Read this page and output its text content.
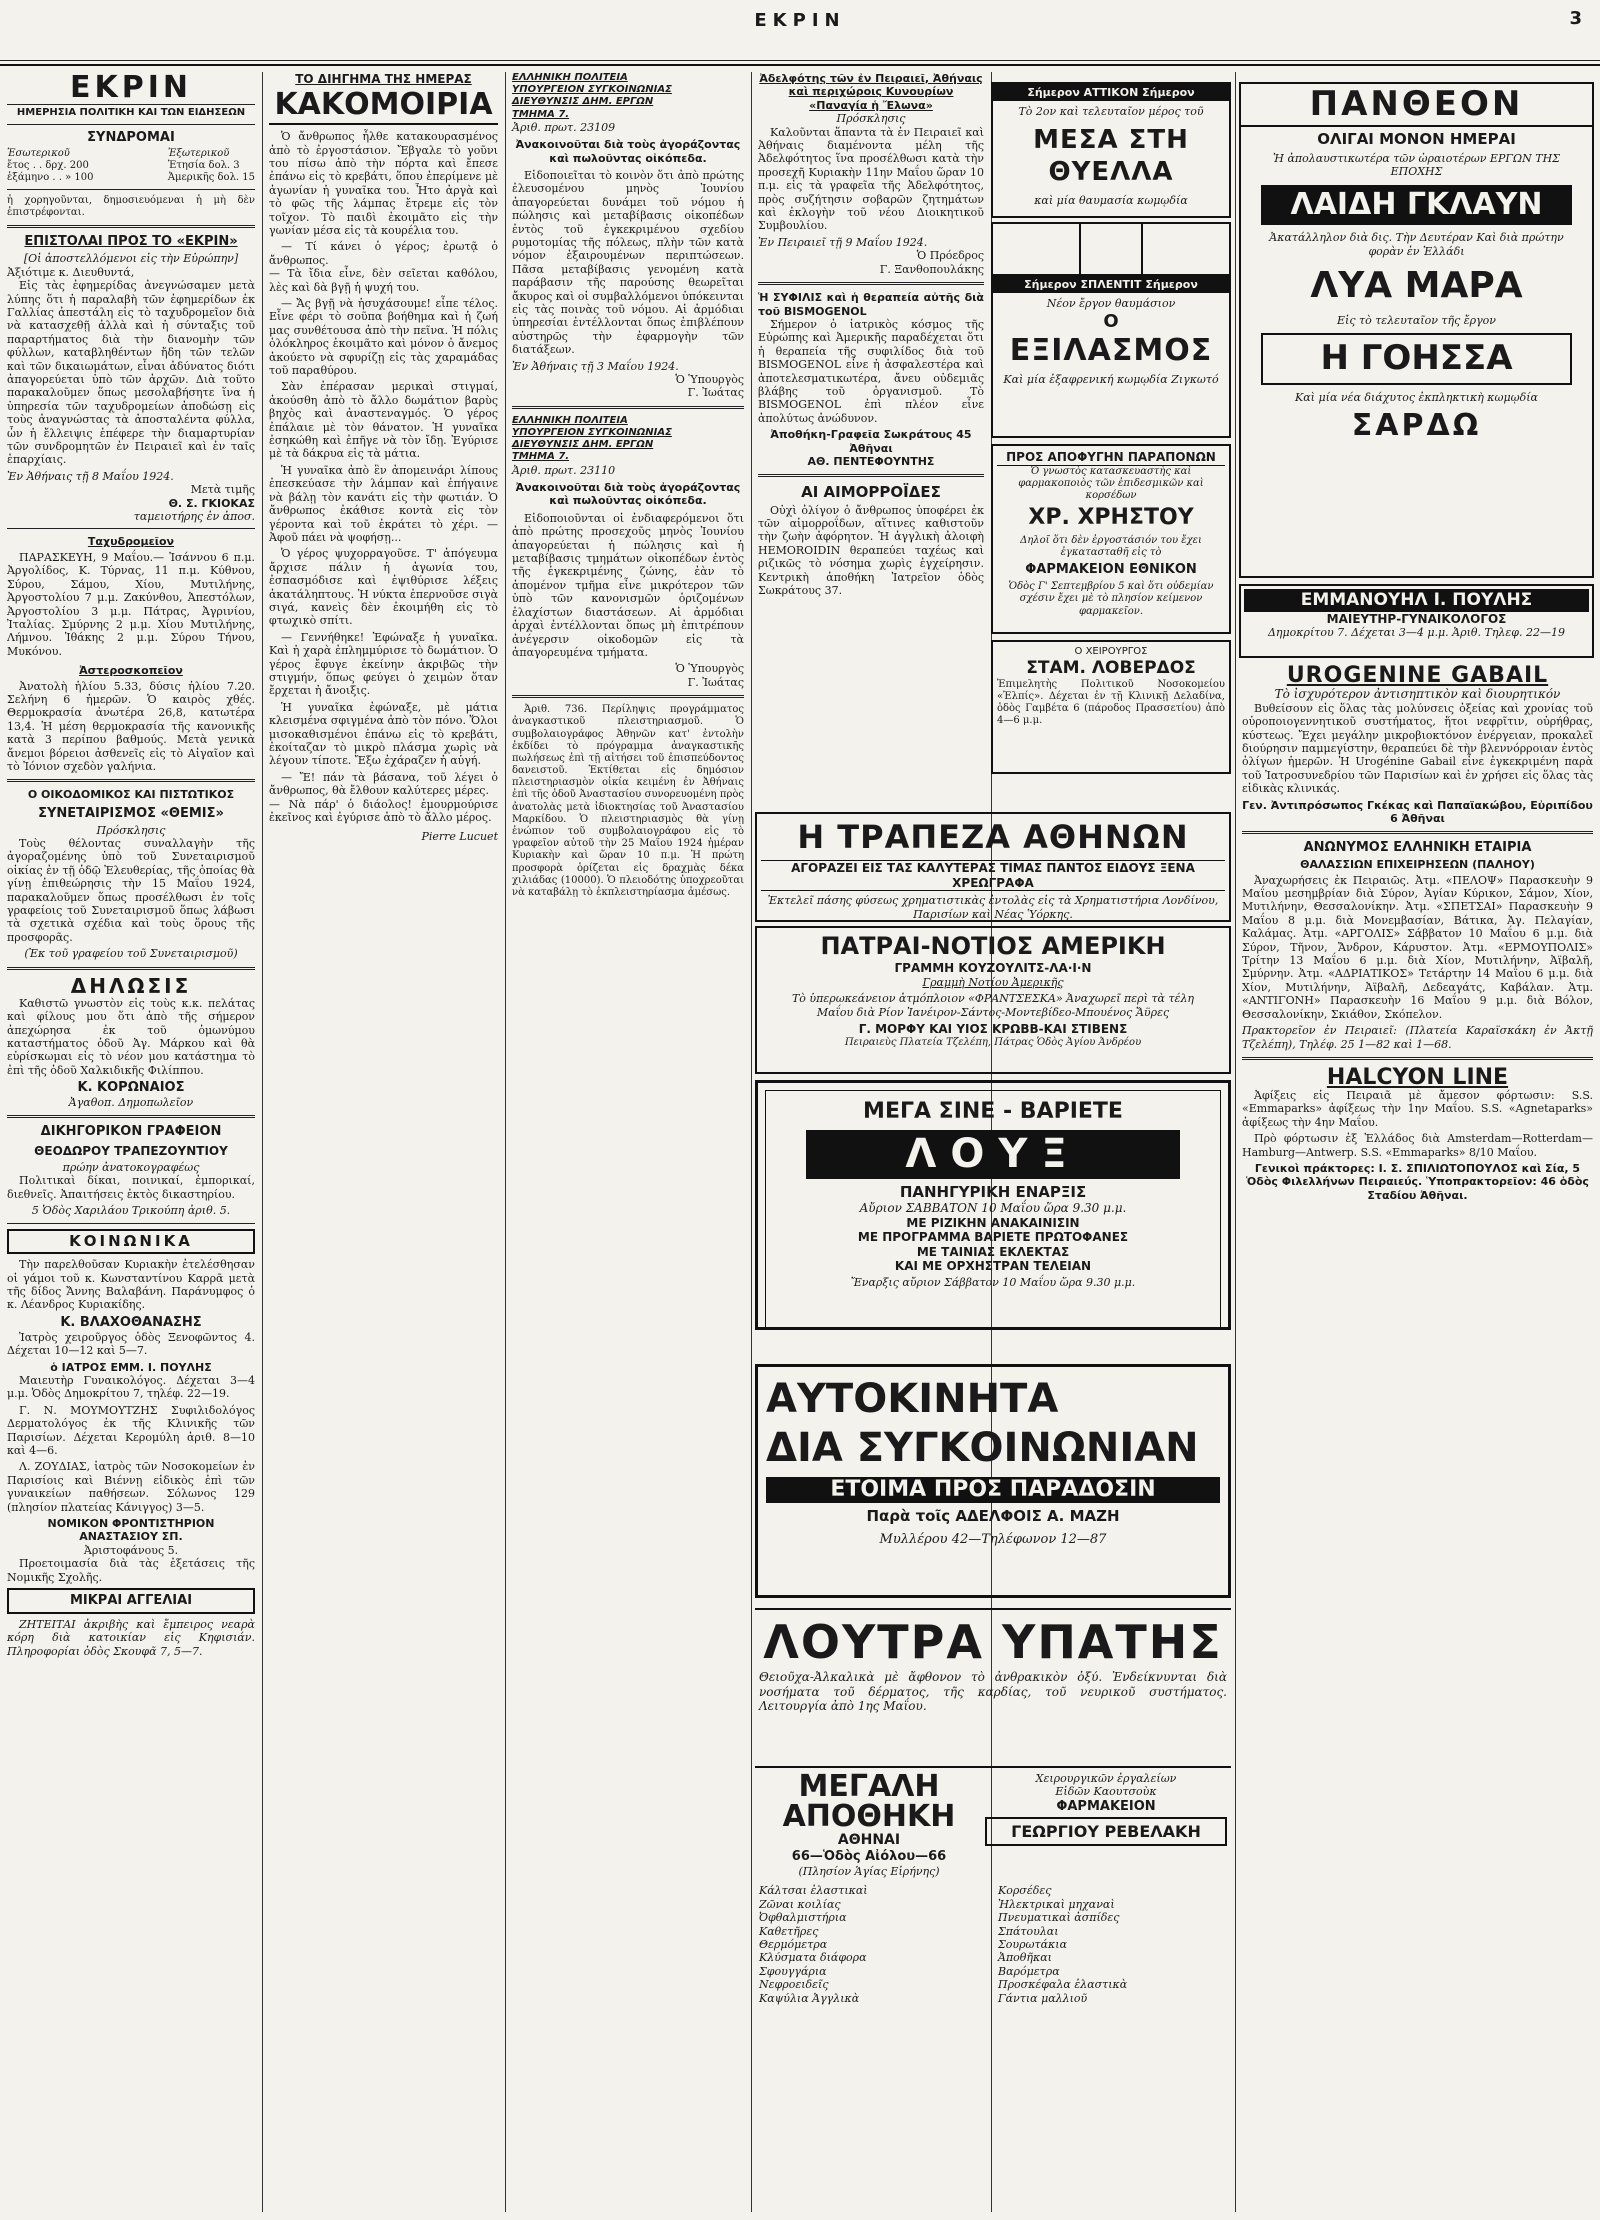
ΕΚΡΙΝ	3
ΕΚΡΙΝ
ΗΜΕΡΗΣΙΑ ΠΟΛΙΤΙΚΗ ΚΑΙ ΤΩΝ ΕΙΔΗΣΕΩΝ
ΣΥΝΔΡΟΜΑΙ
Ἐσωτερικοῦ
ἔτος . . δρχ. 200
ἑξάμηνο . . » 100
Ἐξωτερικοῦ
Ἐτησία δολ. 3
Ἀμερικῆς δολ. 15
ἡ χορηγοῦνται, δημοσιευόμεναι ἡ μὴ δὲν ἐπιστρέφονται.
ΕΠΙΣΤΟΛΑΙ ΠΡΟΣ ΤΟ «ΕΚΡΙΝ»
[Οἱ ἀποστελλόμενοι εἰς τὴν Εὐρώπην]
Ἀξιότιμε κ. Διευθυντά,

Εἰς τὰς ἐφημερίδας ἀνεγνώσαμεν μετὰ λύπης ὅτι ἡ παραλαβὴ τῶν ἐφημερίδων ἐκ Γαλλίας ἀπεστάλη εἰς τὸ ταχυδρομεῖον διὰ νὰ κατασχεθῇ ἀλλὰ καὶ ἡ σύνταξις τοῦ παραρτήματος διὰ τὴν διανομὴν τῶν φύλλων, καταβληθέντων ἤδη τῶν τελῶν καὶ τῶν δικαιωμάτων, εἶναι ἀδύνατος διότι ἀπαγορεύεται ὑπὸ τῶν ἀρχῶν. Διὰ τοῦτο παρακαλοῦμεν ὅπως μεσολαβήσητε ἵνα ἡ ὑπηρεσία τῶν ταχυδρομείων ἀποδώσῃ εἰς τοὺς ἀναγνώστας τὰ ἀποσταλέντα φύλλα, ὧν ἡ ἔλλειψις ἐπέφερε τὴν διαμαρτυρίαν τῶν συνδρομητῶν ἐν Πειραιεῖ καὶ ἐν ταῖς ἐπαρχίαις.

Ἐν Ἀθήναις τῇ 8 Μαΐου 1924.
Μετὰ τιμῆς
Θ. Σ. ΓΚΙΟΚΑΣ
ταμειοτήρης ἐν ἀποσ.
Ταχυδρομεῖον

ΠΑΡΑΣΚΕΥΗ, 9 Μαΐου.— Ἰσάννου 6 π.μ. Ἀργολίδος, Κ. Τύρνας, 11 π.μ. Κύθνου, Σύρου, Σάμου, Χίου, Μυτιλήνης, Ἀργοστολίου 7 μ.μ. Ζακύνθου, Ἀπεστόλων, Ἀργοστολίου 3 μ.μ. Πάτρας, Ἀγρινίου, Ἰταλίας. Σμύρνης 2 μ.μ. Χίου Μυτιλήνης, Λήμνου. Ἰθάκης 2 μ.μ. Σύρου Τήνου, Μυκόνου.

Ἀστεροσκοπεῖον

Ἀνατολὴ ἡλίου 5.33, δύσις ἡλίου 7.20. Σελήνη 6 ἡμερῶν. Ὁ καιρὸς χθές. Θερμοκρασία ἀνωτέρα 26,8, κατωτέρα 13,4. Ἡ μέση θερμοκρασία τῆς κανονικῆς κατὰ 3 περίπου βαθμούς. Μετὰ γενικὰ ἄνεμοι βόρειοι ἀσθενεῖς εἰς τὸ Αἰγαῖον καὶ τὸ Ἰόνιον σχεδὸν γαλήνια.

Ο ΟΙΚΟΔΟΜΙΚΟΣ ΚΑΙ ΠΙΣΤΩΤΙΚΟΣ
ΣΥΝΕΤΑΙΡΙΣΜΟΣ «ΘΕΜΙΣ»
Πρόσκλησις

Τοὺς θέλοντας συναλλαγὴν τῆς ἀγοραζομένης ὑπὸ τοῦ Συνεταιρισμοῦ οἰκίας ἐν τῇ ὁδῷ Ἐλευθερίας, τῆς ὁποίας θὰ γίνῃ ἐπιθεώρησις τὴν 15 Μαΐου 1924, παρακαλοῦμεν ὅπως προσέλθωσι ἐν τοῖς γραφείοις τοῦ Συνεταιρισμοῦ ὅπως λάβωσι τὰ σχετικὰ σχέδια καὶ τοὺς ὅρους τῆς προσφορᾶς.

(Ἐκ τοῦ γραφείου τοῦ Συνεταιρισμοῦ)
ΔΗΛΩΣΙΣ

Καθιστῶ γνωστὸν εἰς τοὺς κ.κ. πελάτας καὶ φίλους μου ὅτι ἀπὸ τῆς σήμερον ἀπεχώρησα ἐκ τοῦ ὁμωνύμου καταστήματος ὁδοῦ Ἀγ. Μάρκου καὶ θὰ εὑρίσκωμαι εἰς τὸ νέον μου κατάστημα τὸ ἐπὶ τῆς ὁδοῦ Χαλκιδικῆς Φιλίππου.

Κ. ΚΟΡΩΝΑΙΟΣ
Ἀγαθοπ. Δημοπωλεῖον
ΔΙΚΗΓΟΡΙΚΟΝ ΓΡΑΦΕΙΟΝ
ΘΕΟΔΩΡΟΥ ΤΡΑΠΕΖΟΥΝΤΙΟΥ
πρώην ἀνατοκογραφέως

Πολιτικαὶ δίκαι, ποινικαί, ἐμπορικαί, διεθνεῖς. Ἀπαιτήσεις ἐκτὸς δικαστηρίου.

5 Ὁδὸς Χαριλάου Τρικούπη ἀριθ. 5.
ΚΟΙΝΩΝΙΚΑ

Τὴν παρελθοῦσαν Κυριακὴν ἐτελέσθησαν οἱ γάμοι τοῦ κ. Κωνσταντίνου Καρρᾶ μετὰ τῆς δίδος Ἄννης Βαλαβάνη. Παράνυμφος ὁ κ. Λέανδρος Κυριακίδης.

Κ. ΒΛΑΧΟΘΑΝΑΣΗΣ

Ἰατρὸς χειροῦργος ὁδὸς Ξενοφῶντος 4. Δέχεται 10—12 καὶ 5—7.

ὁ ΙΑΤΡΟΣ ΕΜΜ. Ι. ΠΟΥΛΗΣ

Μαιευτὴρ Γυναικολόγος. Δέχεται 3—4 μ.μ. Ὁδὸς Δημοκρίτου 7, τηλέφ. 22—19.

Γ. Ν. ΜΟΥΜΟΥΤΖΗΣ Συφιλιδολόγος Δερματολόγος ἐκ τῆς Κλινικῆς τῶν Παρισίων. Δέχεται Κερομύλη ἀριθ. 8—10 καὶ 4—6.

Λ. ΖΟΥΔΙΑΣ, ἰατρὸς τῶν Νοσοκομείων ἐν Παρισίοις καὶ Βιέννῃ εἰδικὸς ἐπὶ τῶν γυναικείων παθήσεων. Σόλωνος 129 (πλησίον πλατείας Κάνιγγος) 3—5.

ΝΟΜΙΚΟΝ ΦΡΟΝΤΙΣΤΗΡΙΟΝ ΑΝΑΣΤΑΣΙΟΥ ΣΠ.
Ἀριστοφάνους 5.

Προετοιμασία διὰ τὰς ἐξετάσεις τῆς Νομικῆς Σχολῆς.

ΜΙΚΡΑΙ ΑΓΓΕΛΙΑΙ

ΖΗΤΕΙΤΑΙ ἀκριβὴς καὶ ἔμπειρος νεαρὰ κόρη διὰ κατοικίαν εἰς Κηφισιάν. Πληροφορίαι ὁδὸς Σκουφᾶ 7, 5—7.

ΤΟ ΔΙΗΓΗΜΑ ΤΗΣ ΗΜΕΡΑΣ
ΚΑΚΟΜΟΙΡΙΑ

Ὁ ἄνθρωπος ἦλθε κατακουρασμένος ἀπὸ τὸ ἐργοστάσιον. Ἔβγαλε τὸ γοῦνι του πίσω ἀπὸ τὴν πόρτα καὶ ἔπεσε ἐπάνω εἰς τὸ κρεβάτι, ὅπου ἐπερίμενε μὲ ἀγωνίαν ἡ γυναῖκα του. Ἦτο ἀργὰ καὶ τὸ φῶς τῆς λάμπας ἔτρεμε εἰς τὸν τοῖχον. Τὸ παιδὶ ἐκοιμᾶτο εἰς τὴν γωνίαν μέσα εἰς τὰ κουρέλια του.

— Τί κάνει ὁ γέρος; ἐρωτᾷ ὁ ἄνθρωπος.
— Τὰ ἴδια εἶνε, δὲν σεῖεται καθόλου, λὲς καὶ δὰ βγῇ ἡ ψυχή του.

— Ἄς βγῇ νὰ ἡσυχάσουμε! εἶπε τέλος. Εἶνε φέρι τὸ σοῦπα βοήθημα καὶ ἡ ζωή μας συνθέτουσα ἀπὸ τὴν πεῖνα. Ἡ πόλις ὀλόκληρος ἐκοιμᾶτο καὶ μόνον ὁ ἄνεμος ἀκούετο νὰ σφυρίζῃ εἰς τὰς χαραμάδας τοῦ παραθύρου.

Σὰν ἐπέρασαν μερικαὶ στιγμαί, ἀκούσθη ἀπὸ τὸ ἄλλο δωμάτιον βαρὺς βηχὸς καὶ ἀναστεναγμός. Ὁ γέρος ἐπάλαιε μὲ τὸν θάνατον. Ἡ γυναῖκα ἐσηκώθη καὶ ἐπῆγε νὰ τὸν ἴδῃ. Ἐγύρισε μὲ τὰ δάκρυα εἰς τὰ μάτια.

Ἡ γυναῖκα ἀπὸ ἓν ἀπομεινάρι λίπους ἐπεσκεύασε τὴν λάμπαν καὶ ἐπήγαινε νὰ βάλῃ τὸν κανάτι εἰς τὴν φωτιάν. Ὁ ἄνθρωπος ἐκάθισε κοντὰ εἰς τὸν γέροντα καὶ τοῦ ἐκράτει τὸ χέρι. — Ἀφοῦ πάει νὰ ψοφήσῃ...

Ὁ γέρος ψυχορραγοῦσε. Τ' ἀπόγευμα ἄρχισε πάλιν ἡ ἀγωνία του, ἐσπασμόδισε καὶ ἐψιθύρισε λέξεις ἀκατάληπτους. Ἡ νύκτα ἐπερνοῦσε σιγὰ σιγά, κανεὶς δὲν ἐκοιμήθη εἰς τὸ φτωχικὸ σπίτι.

— Γεννήθηκε! Ἐφώναξε ἡ γυναῖκα. Καὶ ἡ χαρὰ ἐπλημμύρισε τὸ δωμάτιον. Ὁ γέρος ἔφυγε ἐκείνην ἀκριβῶς τὴν στιγμήν, ὅπως φεύγει ὁ χειμὼν ὅταν ἔρχεται ἡ ἄνοιξις.

Ἡ γυναῖκα ἐφώναξε, μὲ μάτια κλεισμένα σφιγμένα ἀπὸ τὸν πόνο. Ὅλοι μισοκαθισμένοι ἐπάνω εἰς τὸ κρεβάτι, ἐκοίταζαν τὸ μικρὸ πλάσμα χωρὶς νὰ λέγουν τίποτε. Ἔξω ἐχάραζεν ἡ αὐγή.

— Ἔ! πάν τὰ βάσανα, τοῦ λέγει ὁ ἄνθρωπος, θὰ ἔλθουν καλύτερες μέρες.
— Νὰ πάρ' ὁ διάολος! ἐμουρμούρισε ἐκεῖνος καὶ ἐγύρισε ἀπὸ τὸ ἄλλο μέρος.

Pierre Lucuet
ΕΛΛΗΝΙΚΗ ΠΟΛΙΤΕΙΑ
ΥΠΟΥΡΓΕΙΟΝ ΣΥΓΚΟΙΝΩΝΙΑΣ
ΔΙΕΥΘΥΝΣΙΣ ΔΗΜ. ΕΡΓΩΝ
ΤΜΗΜΑ 7.
Ἀριθ. πρωτ. 23109
Ἀνακοινοῦται διὰ τοὺς ἀγοράζοντας καὶ πωλοῦντας οἰκόπεδα.

Εἰδοποιεῖται τὸ κοινὸν ὅτι ἀπὸ πρώτης ἐλευσομένου μηνὸς Ἰουνίου ἀπαγορεύεται δυνάμει τοῦ νόμου ἡ πώλησις καὶ μεταβίβασις οἰκοπέδων ἐντὸς τοῦ ἐγκεκριμένου σχεδίου ρυμοτομίας τῆς πόλεως, πλὴν τῶν κατὰ νόμον ἐξαιρουμένων περιπτώσεων. Πᾶσα μεταβίβασις γενομένη κατὰ παράβασιν τῆς παρούσης θεωρεῖται ἄκυρος καὶ οἱ συμβαλλόμενοι ὑπόκεινται εἰς τὰς ποινὰς τοῦ νόμου. Αἱ ἀρμόδιαι ὑπηρεσίαι ἐντέλλονται ὅπως ἐπιβλέπουν αὐστηρῶς τὴν ἐφαρμογὴν τῶν διατάξεων.

Ἐν Ἀθήναις τῇ 3 Μαΐου 1924.
Ὁ Ὑπουργὸς
Γ. Ἰωάτας
ΕΛΛΗΝΙΚΗ ΠΟΛΙΤΕΙΑ
ΥΠΟΥΡΓΕΙΟΝ ΣΥΓΚΟΙΝΩΝΙΑΣ
ΔΙΕΥΘΥΝΣΙΣ ΔΗΜ. ΕΡΓΩΝ
ΤΜΗΜΑ 7.
Ἀριθ. πρωτ. 23110
Ἀνακοινοῦται διὰ τοὺς ἀγοράζοντας καὶ πωλοῦντας οἰκόπεδα.

Εἰδοποιοῦνται οἱ ἐνδιαφερόμενοι ὅτι ἀπὸ πρώτης προσεχοῦς μηνὸς Ἰουνίου ἀπαγορεύεται ἡ πώλησις καὶ ἡ μεταβίβασις τμημάτων οἰκοπέδων ἐντὸς τῆς ἐγκεκριμένης ζώνης, ἐὰν τὸ ἀπομένον τμῆμα εἶνε μικρότερον τῶν ὑπὸ τῶν κανονισμῶν ὁριζομένων ἐλαχίστων διαστάσεων. Αἱ ἀρμόδιαι ἀρχαὶ ἐντέλλονται ὅπως μὴ ἐπιτρέπουν ἀνέγερσιν οἰκοδομῶν εἰς τὰ ἀπαγορευμένα τμήματα.

Ὁ Ὑπουργὸς
Γ. Ἰωάτας

Ἀριθ. 736. Περίληψις προγράμματος ἀναγκαστικοῦ πλειστηριασμοῦ. Ὁ συμβολαιογράφος Ἀθηνῶν κατ' ἐντολὴν ἐκδίδει τὸ πρόγραμμα ἀναγκαστικῆς πωλήσεως ἐπὶ τῇ αἰτήσει τοῦ ἐπισπεύδοντος δανειστοῦ. Ἐκτίθεται εἰς δημόσιον πλειστηριασμὸν οἰκία κειμένη ἐν Ἀθήναις ἐπὶ τῆς ὁδοῦ Ἀναστασίου συνορευομένη πρὸς ἀνατολὰς μετὰ ἰδιοκτησίας τοῦ Ἀναστασίου Μαρκίδου. Ὁ πλειστηριασμὸς θὰ γίνῃ ἐνώπιον τοῦ συμβολαιογράφου εἰς τὸ γραφεῖον αὐτοῦ τὴν 25 Μαΐου 1924 ἡμέραν Κυριακὴν καὶ ὥραν 10 π.μ. Ἡ πρώτη προσφορὰ ὁρίζεται εἰς δραχμὰς δέκα χιλιάδας (10000). Ὁ πλειοδότης ὑποχρεοῦται νὰ καταβάλῃ τὸ ἐκπλειστηρίασμα ἀμέσως.

Ἀδελφότης τῶν ἐν Πειραιεῖ, Ἀθήναις καὶ περιχώροις Κυνουρίων «Παναγία ἡ Ἔλωνα»
Πρόσκλησις

Καλοῦνται ἅπαντα τὰ ἐν Πειραιεῖ καὶ Ἀθήναις διαμένοντα μέλη τῆς Ἀδελφότητος ἵνα προσέλθωσι κατὰ τὴν προσεχῆ Κυριακὴν 11ην Μαΐου ὥραν 10 π.μ. εἰς τὰ γραφεῖα τῆς Ἀδελφότητος, πρὸς συζήτησιν σοβαρῶν ζητημάτων καὶ ἐκλογὴν τοῦ νέου Διοικητικοῦ Συμβουλίου.

Ἐν Πειραιεῖ τῇ 9 Μαΐου 1924.
Ὁ Πρόεδρος
Γ. Ξανθοπουλάκης
Ἡ ΣΥΦΙΛΙΣ καὶ ἡ θεραπεία αὐτῆς διὰ τοῦ BISMOGENOL

Σήμερον ὁ ἰατρικὸς κόσμος τῆς Εὐρώπης καὶ Ἀμερικῆς παραδέχεται ὅτι ἡ θεραπεία τῆς συφιλίδος διὰ τοῦ BISMOGENOL εἶνε ἡ ἀσφαλεστέρα καὶ ἀποτελεσματικωτέρα, ἄνευ οὐδεμιᾶς βλάβης τοῦ ὀργανισμοῦ. Τὸ BISMOGENOL ἐπὶ πλέον εἶνε ἀπολύτως ἀνώδυνον.

Ἀποθήκη-Γραφεῖα Σωκράτους 45 Ἀθῆναι
ΑΘ. ΠΕΝΤΕΦΟΥΝΤΗΣ
ΑΙ ΑΙΜΟΡΡΟΪΔΕΣ

Οὐχὶ ὀλίγον ὁ ἄνθρωπος ὑποφέρει ἐκ τῶν αἱμορροΐδων, αἵτινες καθιστοῦν τὴν ζωὴν ἀφόρητον. Ἡ ἀγγλικὴ ἀλοιφὴ HEMOROIDIN θεραπεύει ταχέως καὶ ριζικῶς τὸ νόσημα χωρὶς ἐγχείρησιν. Κεντρικὴ ἀποθήκη Ἰατρεῖον ὁδὸς Σωκράτους 37.

Σήμερον ΑΤΤΙΚΟΝ Σήμερον
Τὸ 2ον καὶ τελευταῖον μέρος τοῦ
ΜΕΣΑ ΣΤΗ ΘΥΕΛΛΑ
καὶ μία θαυμασία κωμῳδία
Σήμερον ΣΠΛΕΝΤΙΤ Σήμερον
Νέον ἔργον θαυμάσιον
Ο
ΕΞΙΛΑΣΜΟΣ
Καὶ μία ἐξαφρενική κωμῳδία Ζιγκωτό
ΠΑΝΘΕΟΝ
ΟΛΙΓΑΙ ΜΟΝΟΝ ΗΜΕΡΑΙ
Ἡ ἀπολαυστικωτέρα τῶν ὡραιοτέρων ΕΡΓΩΝ ΤΗΣ ΕΠΟΧΗΣ
ΛΑΙΔΗ ΓΚΛΑΥΝ
Ἀκατάλληλον διὰ δις. Τὴν Δευτέραν Καὶ διὰ πρώτην φορὰν ἐν Ἑλλάδι
ΛΥΑ ΜΑΡΑ
Εἰς τὸ τελευταῖον τῆς ἔργον
Η ΓΟΗΣΣΑ
Καὶ μία νέα διάχυτος ἐκπληκτικὴ κωμῳδία
ΣΑΡΔΩ
ΠΡΟΣ ΑΠΟΦΥΓΗΝ ΠΑΡΑΠΟΝΩΝ
Ὁ γνωστὸς κατασκευαστὴς καὶ φαρμακοποιὸς τῶν ἐπιδεσμικῶν καὶ κορσέδων
ΧΡ. ΧΡΗΣΤΟΥ
Δηλοῖ ὅτι δὲν ἐργοστάσιόν του ἔχει ἐγκατασταθῆ εἰς τὸ
ΦΑΡΜΑΚΕΙΟΝ ΕΘΝΙΚΟΝ
Ὁδὸς Γ' Σεπτεμβρίου 5 καὶ ὅτι οὐδεμίαν σχέσιν ἔχει μὲ τὸ πλησίον κείμενον φαρμακεῖον.
Ο ΧΕΙΡΟΥΡΓΟΣ
ΣΤΑΜ. ΛΟΒΕΡΔΟΣ
Ἐπιμελητὴς Πολιτικοῦ Νοσοκομείου «Ἐλπίς». Δέχεται ἐν τῇ Κλινικῇ Δελαδίνα, ὁδὸς Γαμβέτα 6 (πάροδος Πρασσετίου) ἀπὸ 4—6 μ.μ.
ΕΜΜΑΝΟΥΗΛ Ι. ΠΟΥΛΗΣ
ΜΑΙΕΥΤΗΡ-ΓΥΝΑΙΚΟΛΟΓΟΣ
Δημοκρίτου 7. Δέχεται 3—4 μ.μ. Ἀριθ. Τηλεφ. 22—19
UROGENINE GABAIL
Τὸ ἰσχυρότερον ἀντισηπτικὸν καὶ διουρητικόν

Βυθείσουν εἰς ὅλας τὰς μολύνσεις ὀξείας καὶ χρονίας τοῦ οὐροποιογεννητικοῦ συστήματος, ἥτοι νεφρῖτιν, οὐρήθρας, κύστεως. Ἔχει μεγάλην μικροβιοκτόνον ἐνέργειαν, προκαλεῖ διούρησιν παμμεγίστην, θεραπεύει δὲ τὴν βλεννόρροιαν ἐντὸς ὀλίγων ἡμερῶν. Ἡ Urogénine Gabail εἶνε ἐγκεκριμένη παρὰ τοῦ Ἰατροσυνεδρίου τῶν Παρισίων καὶ ἐν χρήσει εἰς ὅλας τὰς εἰδικὰς κλινικάς.

Γεν. Ἀντιπρόσωπος Γκέκας καὶ Παπαϊακώβου, Εὐριπίδου 6 Ἀθῆναι
ΑΝΩΝΥΜΟΣ ΕΛΛΗΝΙΚΗ ΕΤΑΙΡΙΑ
ΘΑΛΑΣΣΙΩΝ ΕΠΙΧΕΙΡΗΣΕΩΝ (ΠΑΛΗΟΥ)

Ἀναχωρήσεις ἐκ Πειραιῶς. Ἀτμ. «ΠΕΛΟΨ» Παρασκευὴν 9 Μαΐου μεσημβρίαν διὰ Σύρον, Ἀγίαν Κύρικον, Σάμον, Χίον, Μυτιλήνην, Θεσσαλονίκην. Ἀτμ. «ΣΠΕΤΣΑΙ» Παρασκευὴν 9 Μαΐου 8 μ.μ. διὰ Μονεμβασίαν, Βάτικα, Ἀγ. Πελαγίαν, Καλάμας. Ἀτμ. «ΑΡΓΟΛΙΣ» Σάββατον 10 Μαΐου 6 μ.μ. διὰ Σύρον, Τῆνον, Ἄνδρον, Κάρυστον. Ἀτμ. «ΕΡΜΟΥΠΟΛΙΣ» Τρίτην 13 Μαΐου 6 μ.μ. διὰ Χίον, Μυτιλήνην, Ἀϊβαλῆ, Σμύρνην. Ἀτμ. «ΑΔΡΙΑΤΙΚΟΣ» Τετάρτην 14 Μαΐου 6 μ.μ. διὰ Χίον, Μυτιλήνην, Ἀϊβαλῆ, Δεδεαγάτς, Καβάλαν. Ἀτμ. «ΑΝΤΙΓΟΝΗ» Παρασκευὴν 16 Μαΐου 9 μ.μ. διὰ Βόλον, Θεσσαλονίκην, Σκιάθον, Σκόπελον.

Πρακτορεῖον ἐν Πειραιεῖ: (Πλατεία Καραϊσκάκη ἐν Ἀκτῇ Τζελέπη), Τηλέφ. 25 1—82 καὶ 1—68.
HALCYON LINE

Ἀφίξεις εἰς Πειραιᾶ μὲ ἄμεσον φόρτωσιν: S.S. «Emmaparks» ἀφίξεως τὴν 1ην Μαΐου. S.S. «Agnetaparks» ἀφίξεως τὴν 4ην Μαΐου.

Πρὸ φόρτωσιν ἐξ Ἑλλάδος διὰ Amsterdam—Rotterdam—Hamburg—Antwerp. S.S. «Emmaparks» 8/10 Μαΐου.

Γενικοὶ πράκτορες: Ι. Σ. ΣΠΙΛΙΩΤΟΠΟΥΛΟΣ καὶ Σία, 5 Ὁδὸς Φιλελλήνων Πειραιεύς. Ὑποπρακτορεῖον: 46 ὁδὸς Σταδίου Ἀθῆναι.
Η ΤΡΑΠΕΖΑ ΑΘΗΝΩΝ
ΑΓΟΡΑΖΕΙ ΕΙΣ ΤΑΣ ΚΑΛΥΤΕΡΑΣ ΤΙΜΑΣ ΠΑΝΤΟΣ ΕΙΔΟΥΣ ΞΕΝΑ ΧΡΕΩΓΡΑΦΑ
Ἐκτελεῖ πάσης φύσεως χρηματιστικὰς ἐντολὰς εἰς τὰ Χρηματιστήρια Λονδίνου, Παρισίων καὶ Νέας Ὑόρκης.
ΠΑΤΡΑΙ-ΝΟΤΙΟΣ ΑΜΕΡΙΚΗ
ΓΡΑΜΜΗ ΚΟΥΖΟΥΛΙΤΣ-ΛΑ·Ι·Ν
Γραμμὴ Νοτίου Ἀμερικῆς
Τὸ ὑπερωκεάνειον ἀτμόπλοιον «ΦΡΑΝΤΣΕΣΚΑ» Ἀναχωρεῖ περὶ τὰ τέλη Μαΐου διὰ Ρίον Ἰανέιρον-Σάντος-Μοντεβίδεο-Μπουένος Ἄϋρες
Γ. ΜΟΡΦΥ ΚΑΙ ΥΙΟΣ ΚΡΩΒΒ-ΚΑΙ ΣΤΙΒΕΝΣ
Πειραιεὺς Πλατεία Τζελέπη, Πάτρας Ὁδὸς Ἀγίου Ἀνδρέου
ΜΕΓΑ ΣΙΝΕ - ΒΑΡΙΕΤΕ
ΛΟΥΞ
ΠΑΝΗΓΥΡΙΚΗ ΕΝΑΡΞΙΣ
Αὔριον ΣΑΒΒΑΤΟΝ 10 Μαΐου ὥρα 9.30 μ.μ.
ΜΕ ΡΙΖΙΚΗΝ ΑΝΑΚΑΙΝΙΣΙΝ
ΜΕ ΠΡΟΓΡΑΜΜΑ ΒΑΡΙΕΤΕ ΠΡΩΤΟΦΑΝΕΣ
ΜΕ ΤΑΙΝΙΑΣ ΕΚΛΕΚΤΑΣ
ΚΑΙ ΜΕ ΟΡΧΗΣΤΡΑΝ ΤΕΛΕΙΑΝ
Ἔναρξις αὔριον Σάββατον 10 Μαΐου ὥρα 9.30 μ.μ.
ΑΥΤΟΚΙΝΗΤΑ
ΔΙΑ ΣΥΓΚΟΙΝΩΝΙΑΝ
ΕΤΟΙΜΑ ΠΡΟΣ ΠΑΡΑΔΟΣΙΝ
Παρὰ τοῖς ΑΔΕΛΦΟΙΣ Α. ΜΑΖΗ
Μυλλέρου 42—Τηλέφωνον 12—87
ΛΟΥΤΡΑ ΥΠΑΤΗΣ
Θειοῦχα-Ἀλκαλικὰ μὲ ἄφθονον τὸ ἀνθρακικὸν ὀξύ. Ἐνδείκνυνται διὰ νοσήματα τοῦ δέρματος, τῆς καρδίας, τοῦ νευρικοῦ συστήματος. Λειτουργία ἀπὸ 1ης Μαΐου.
ΜΕΓΑΛΗ ΑΠΟΘΗΚΗ
ΑΘΗΝΑΙ
66—Ὁδὸς Αἰόλου—66
(Πλησίον Ἁγίας Εἰρήνης)
Χειρουργικῶν ἐργαλείων
Εἰδῶν Καουτσοὺκ
ΦΑΡΜΑΚΕΙΟΝ
ΓΕΩΡΓΙΟΥ ΡΕΒΕΛΑΚΗ
Κάλτσαι ἐλαστικαὶ
Ζῶναι κοιλίας
Ὀφθαλμιστήρια
Καθετῆρες
Θερμόμετρα
Κλύσματα διάφορα
Σφουγγάρια
Νεφροειδεῖς
Καψύλια Ἀγγλικὰ
Κορσέδες
Ἠλεκτρικαὶ μηχαναὶ
Πνευματικαὶ ἀσπίδες
Σπάτουλαι
Σουρωτάκια
Ἀποθῆκαι
Βαρόμετρα
Προσκέφαλα ἐλαστικὰ
Γάντια μαλλιοῦ
